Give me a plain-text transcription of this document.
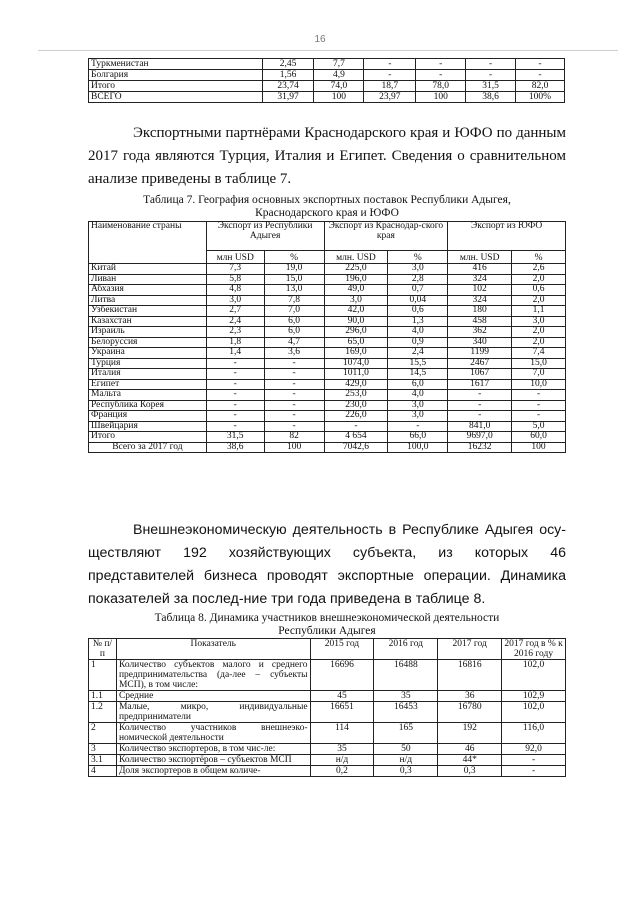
16
Туркменистан	2,45	7,7	-	-	-	-
Болгария	1,56	4,9	-	-	-	-
Итого	23,74	74,0	18,7	78,0	31,5	82,0
ВСЕГО	31,97	100	23,97	100	38,6	100%
Экспортными партнёрами Краснодарского края и ЮФО по данным 2017 года являются Турция, Италия и Египет. Сведения о сравнительном анализе приведены в таблице 7.
Таблица 7. География основных экспортных поставок Республики Адыгея,
Краснодарского края и ЮФО
Наименование страны	Экспорт из Республики Адыгея		Экспорт из Краснодар-ского края		Экспорт из ЮФО	
	млн USD	%	млн. USD	%	млн. USD	%
Китай	7,3	19,0	225,0	3,0	416	2,6
Ливан	5,8	15,0	196,0	2,8	324	2,0
Абхазия	4,8	13,0	49,0	0,7	102	0,6
Литва	3,0	7,8	3,0	0,04	324	2,0
Узбекистан	2,7	7,0	42,0	0,6	180	1,1
Казахстан	2,4	6,0	90,0	1,3	458	3,0
Израиль	2,3	6,0	296,0	4,0	362	2,0
Белоруссия	1,8	4,7	65,0	0,9	340	2,0
Украина	1,4	3,6	169,0	2,4	1199	7,4
Турция	-	-	1074,0	15,5	2467	15,0
Италия	-	-	1011,0	14,5	1067	7,0
Египет	-	-	429,0	6,0	1617	10,0
Мальта	-	-	253,0	4,0	-	-
Республика Корея	-	-	230,0	3,0	-	-
Франция	-	-	226,0	3,0	-	-
Швейцария	-	-	-	-	841,0	5,0
Итого	31,5	82	4 654	66,0	9697,0	60,0
Всего за 2017 год	38,6	100	7042,6	100,0	16232	100
Внешнеэкономическую деятельность в Республике Адыгея осу-ществляют 192 хозяйствующих субъекта, из которых 46 представителей бизнеса проводят экспортные операции. Динамика показателей за послед-ние три года приведена в таблице 8.
Таблица 8. Динамика участников внешнеэкономической деятельности
Республики Адыгея
№ п/п	Показатель	2015 год	2016 год	2017 год	2017 год в % к 2016 году
1	Количество субъектов малого и среднего предпринимательства (да-лее – субъекты МСП), в том числе:	16696	16488	16816	102,0
1.1	Средние	45	35	36	102,9
1.2	Малые, микро, индивидуальные предприниматели	16651	16453	16780	102,0
2	Количество участников внешнеэко-номической деятельности	114	165	192	116,0
3	Количество экспортеров, в том чис-ле:	35	50	46	92,0
3.1	Количество экспортёров – субъектов МСП	н/д	н/д	44*	-
4	Доля экспортеров в общем количе-	0,2	0,3	0,3	-
